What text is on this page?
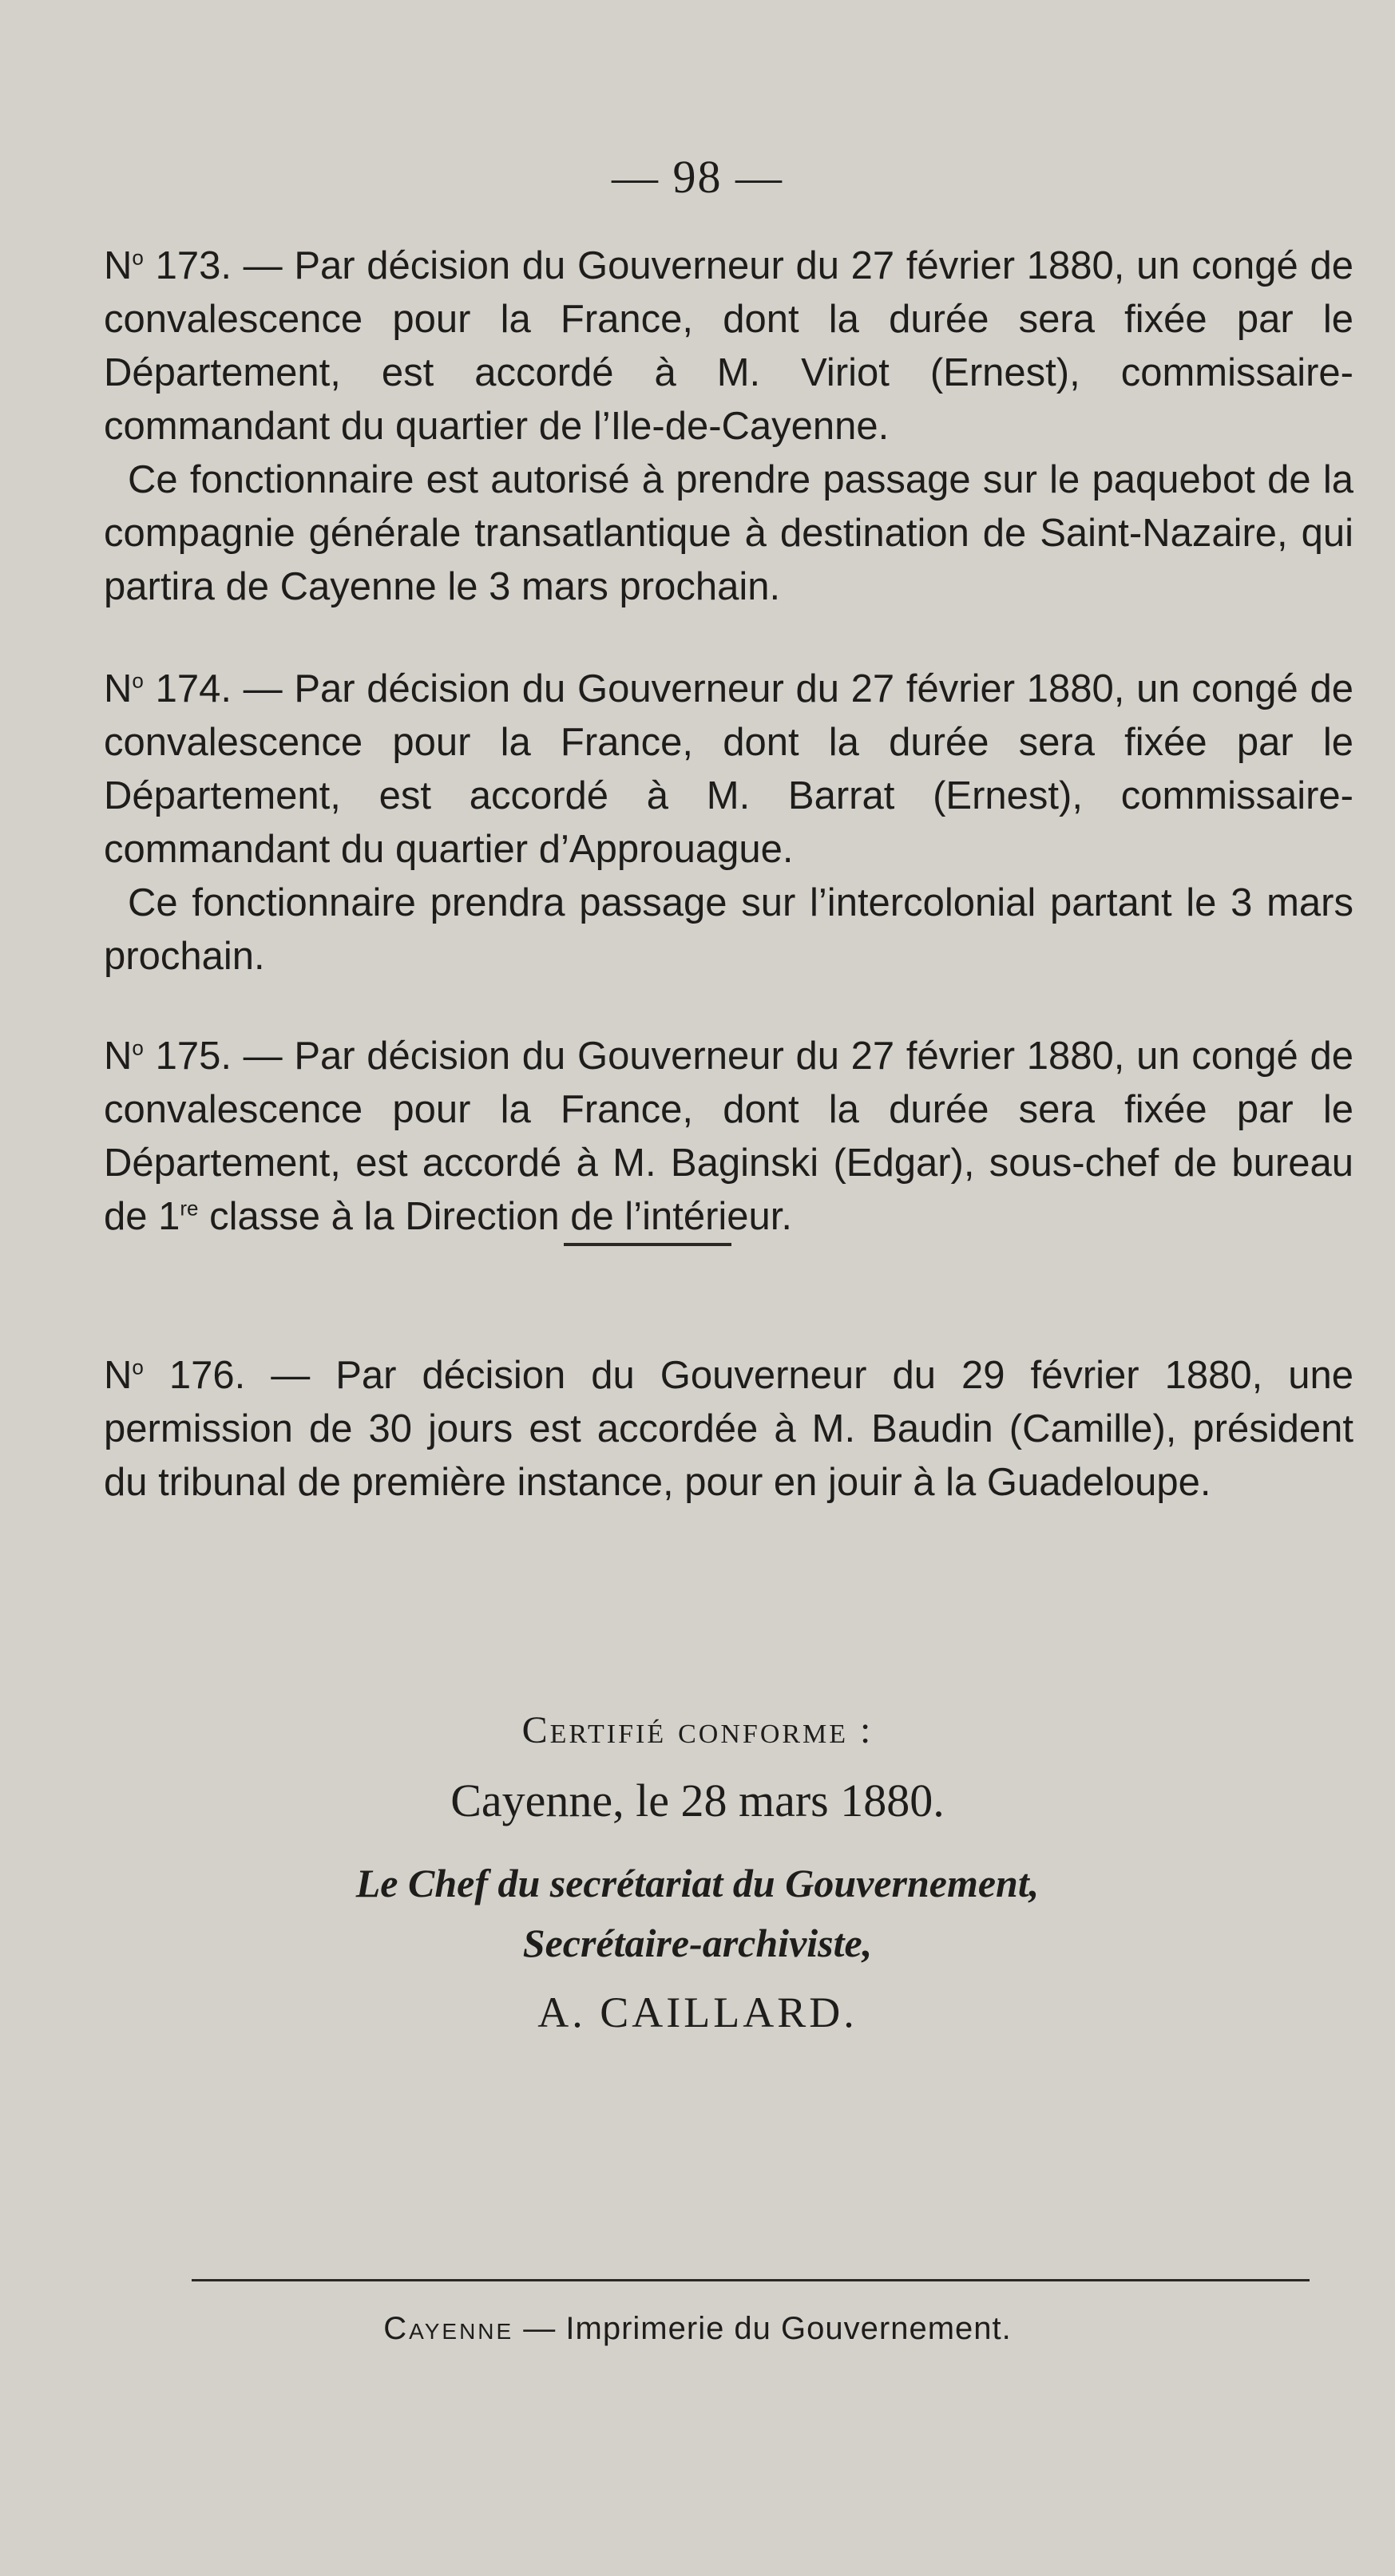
— 98 —

$N^o$ 173. — Par décision du Gouverneur du 27 février 1880, un congé de convalescence pour la France, dont la durée sera fixée par le Département, est accordé à M. Viriot (Ernest), commissaire-commandant du quartier de l’Ile-de-Cayenne.

Ce fonctionnaire est autorisé à prendre passage sur le paquebot de la compagnie générale transatlantique à destination de Saint-Nazaire, qui partira de Cayenne le 3 mars prochain.

$N^o$ 174. — Par décision du Gouverneur du 27 février 1880, un congé de convalescence pour la France, dont la durée sera fixée par le Département, est accordé à M. Barrat (Ernest), commissaire-commandant du quartier d’Approuague.

Ce fonctionnaire prendra passage sur l’intercolonial partant le 3 mars prochain.

$N^o$ 175. — Par décision du Gouverneur du 27 février 1880, un congé de convalescence pour la France, dont la durée sera fixée par le Département, est accordé à M. Baginski (Edgar), sous-chef de bureau de 1re classe à la Direction de l’intérieur.

$N^o$ 176. — Par décision du Gouverneur du 29 février 1880, une permission de 30 jours est accordée à M. Baudin (Camille), président du tribunal de première instance, pour en jouir à la Guadeloupe.

Certifié conforme :
Cayenne, le 28 mars 1880.
Le Chef du secrétariat du Gouvernement,
Secrétaire-archiviste,
A. CAILLARD.
Cayenne — Imprimerie du Gouvernement.
